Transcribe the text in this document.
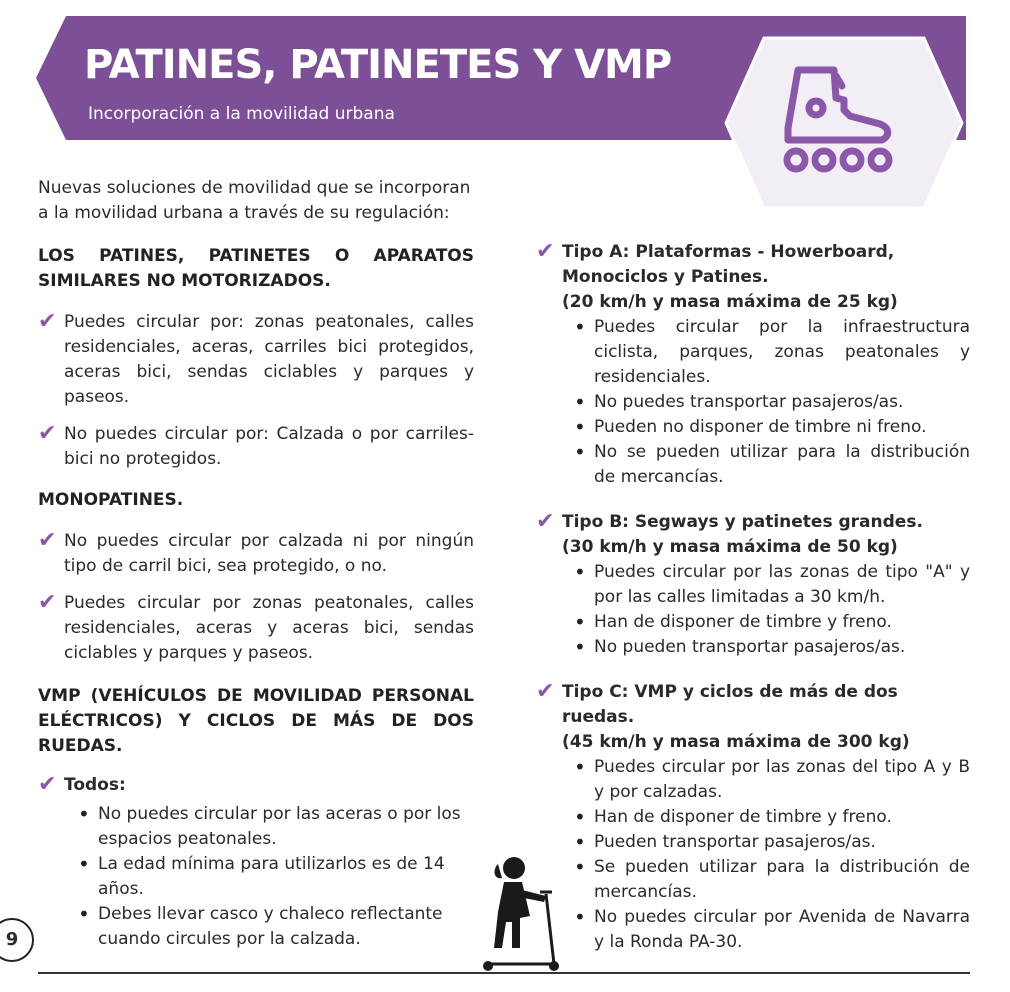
PATINES, PATINETES Y VMP
Incorporación a la movilidad urbana

Nuevas soluciones de movilidad que se incorporan a la movilidad urbana a través de su regulación:

LOS PATINES, PATINETES O APARATOS SIMILARES NO MOTORIZADOS.

✔ Puedes circular por: zonas peatonales, calles residenciales, aceras, carriles bici protegidos, aceras bici, sendas ciclables y parques y paseos.
✔ No puedes circular por: Calzada o por carriles-bici no protegidos.

MONOPATINES.

✔ No puedes circular por calzada ni por ningún tipo de carril bici, sea protegido, o no.
✔ Puedes circular por zonas peatonales, calles residenciales, aceras y aceras bici, sendas ciclables y parques y paseos.

VMP (VEHÍCULOS DE MOVILIDAD PERSONAL ELÉCTRICOS) Y CICLOS DE MÁS DE DOS RUEDAS.

✔ Todos:
• No puedes circular por las aceras o por los espacios peatonales.
• La edad mínima para utilizarlos es de 14 años.
• Debes llevar casco y chaleco reflectante cuando circules por la calzada.
✔ Tipo A: Plataformas - Howerboard, Monociclos y Patines.

(20 km/h y masa máxima de 25 kg)

• Puedes circular por la infraestructura ciclista, parques, zonas peatonales y residenciales.
• No puedes transportar pasajeros/as.
• Pueden no disponer de timbre ni freno.
• No se pueden utilizar para la distribución de mercancías.
✔ Tipo B: Segways y patinetes grandes.

(30 km/h y masa máxima de 50 kg)

• Puedes circular por las zonas de tipo "A" y por las calles limitadas a 30 km/h.
• Han de disponer de timbre y freno.
• No pueden transportar pasajeros/as.
✔ Tipo C: VMP y ciclos de más de dos ruedas.

(45 km/h y masa máxima de 300 kg)

• Puedes circular por las zonas del tipo A y B y por calzadas.
• Han de disponer de timbre y freno.
• Pueden transportar pasajeros/as.
• Se pueden utilizar para la distribución de mercancías.
• No puedes circular por Avenida de Navarra y la Ronda PA-30.
9
